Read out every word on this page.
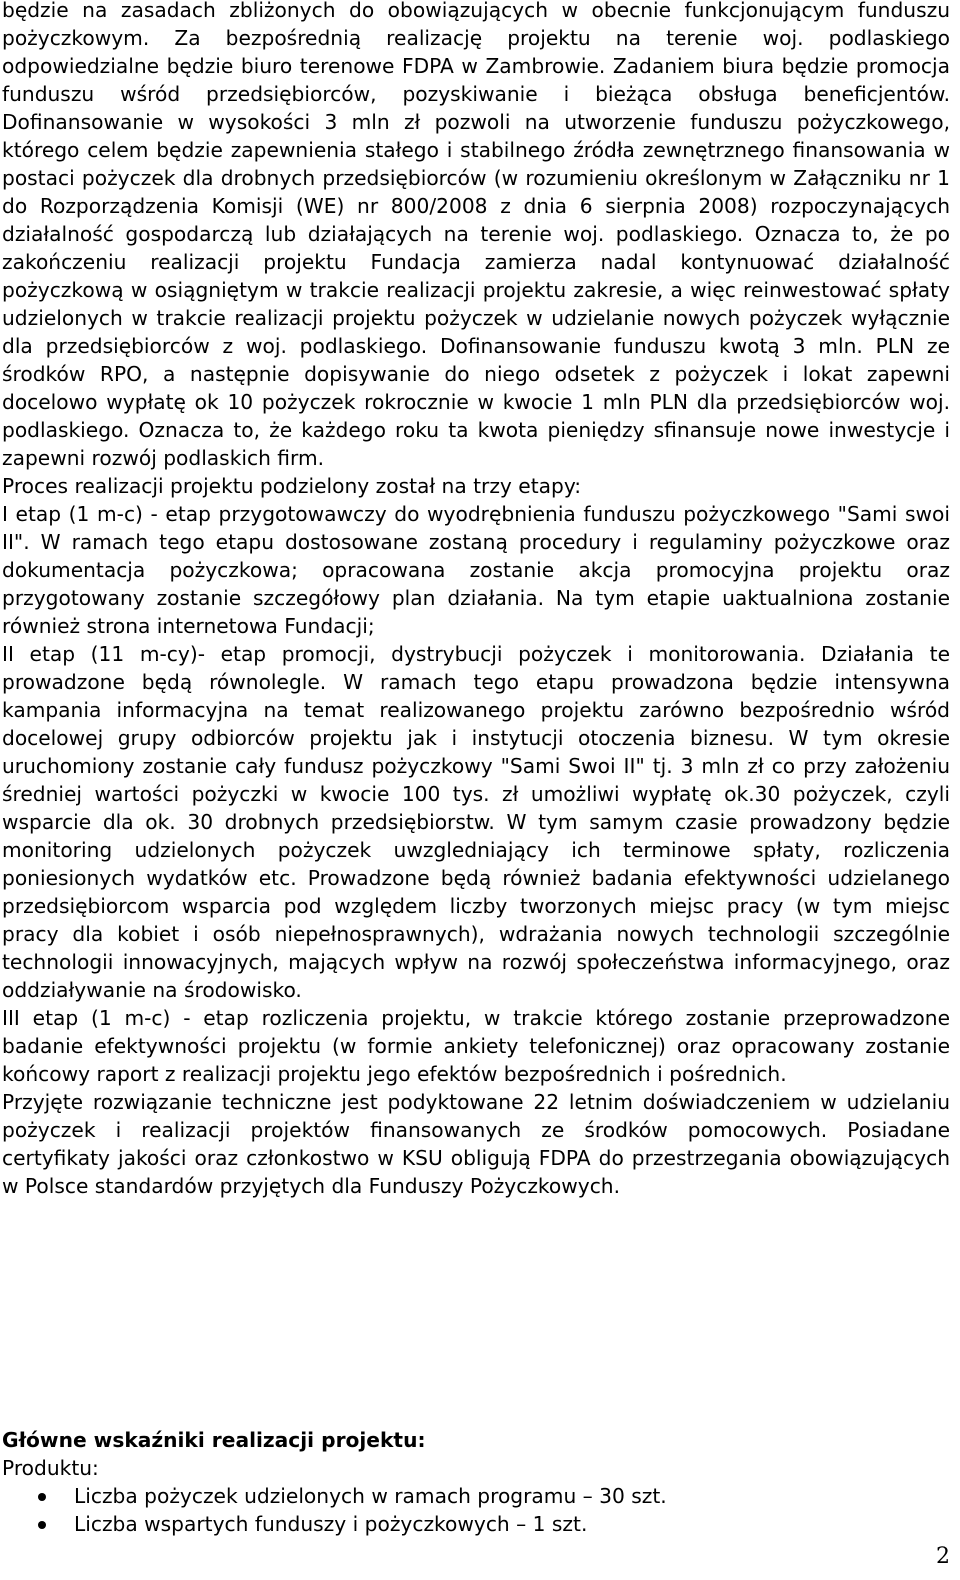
będzie na zasadach zbliżonych do obowiązujących w obecnie funkcjonującym funduszu pożyczkowym. Za bezpośrednią realizację projektu na terenie woj. podlaskiego odpowiedzialne będzie biuro terenowe FDPA w Zambrowie. Zadaniem biura będzie promocja funduszu wśród przedsiębiorców, pozyskiwanie i bieżąca obsługa beneficjentów. Dofinansowanie w wysokości 3 mln zł pozwoli na utworzenie funduszu pożyczkowego, którego celem będzie zapewnienia stałego i stabilnego źródła zewnętrznego finansowania w postaci pożyczek dla drobnych przedsiębiorców (w rozumieniu określonym w Załączniku nr 1 do Rozporządzenia Komisji (WE) nr 800/2008 z dnia 6 sierpnia 2008) rozpoczynających działalność gospodarczą lub działających na terenie woj. podlaskiego. Oznacza to, że po zakończeniu realizacji projektu Fundacja zamierza nadal kontynuować działalność pożyczkową w osiągniętym w trakcie realizacji projektu zakresie, a więc reinwestować spłaty udzielonych w trakcie realizacji projektu pożyczek w udzielanie nowych pożyczek wyłącznie dla przedsiębiorców z woj. podlaskiego. Dofinansowanie funduszu kwotą 3 mln. PLN ze środków RPO, a następnie dopisywanie do niego odsetek z pożyczek i lokat zapewni docelowo wypłatę ok 10 pożyczek rokrocznie w kwocie 1 mln PLN dla przedsiębiorców woj. podlaskiego. Oznacza to, że każdego roku ta kwota pieniędzy sfinansuje nowe inwestycje i zapewni rozwój podlaskich firm.

Proces realizacji projektu podzielony został na trzy etapy:

I etap (1 m-c) - etap przygotowawczy do wyodrębnienia funduszu pożyczkowego "Sami swoi II". W ramach tego etapu dostosowane zostaną procedury i regulaminy pożyczkowe oraz dokumentacja pożyczkowa; opracowana zostanie akcja promocyjna projektu oraz przygotowany zostanie szczegółowy plan działania. Na tym etapie uaktualniona zostanie również strona internetowa Fundacji;

II etap (11 m-cy)- etap promocji, dystrybucji pożyczek i monitorowania. Działania te prowadzone będą równolegle. W ramach tego etapu prowadzona będzie intensywna kampania informacyjna na temat realizowanego projektu zarówno bezpośrednio wśród docelowej grupy odbiorców projektu jak i instytucji otoczenia biznesu. W tym okresie uruchomiony zostanie cały fundusz pożyczkowy "Sami Swoi II" tj. 3 mln zł co przy założeniu średniej wartości pożyczki w kwocie 100 tys. zł umożliwi wypłatę ok.30 pożyczek, czyli wsparcie dla ok. 30 drobnych przedsiębiorstw. W tym samym czasie prowadzony będzie monitoring udzielonych pożyczek uwzgledniający ich terminowe spłaty, rozliczenia poniesionych wydatków etc. Prowadzone będą również badania efektywności udzielanego przedsiębiorcom wsparcia pod względem liczby tworzonych miejsc pracy (w tym miejsc pracy dla kobiet i osób niepełnosprawnych), wdrażania nowych technologii szczególnie technologii innowacyjnych, mających wpływ na rozwój społeczeństwa informacyjnego, oraz oddziaływanie na środowisko.

III etap (1 m-c) - etap rozliczenia projektu, w trakcie którego zostanie przeprowadzone badanie efektywności projektu (w formie ankiety telefonicznej) oraz opracowany zostanie końcowy raport z realizacji projektu jego efektów bezpośrednich i pośrednich.

Przyjęte rozwiązanie techniczne jest podyktowane 22 letnim doświadczeniem w udzielaniu pożyczek i realizacji projektów finansowanych ze środków pomocowych. Posiadane certyfikaty jakości oraz członkostwo w KSU obligują FDPA do przestrzegania obowiązujących w Polsce standardów przyjętych dla Funduszy Pożyczkowych.

Główne wskaźniki realizacji projektu:

Produktu:

Liczba pożyczek udzielonych w ramach programu – 30 szt.
Liczba wspartych funduszy i pożyczkowych – 1 szt.
2
